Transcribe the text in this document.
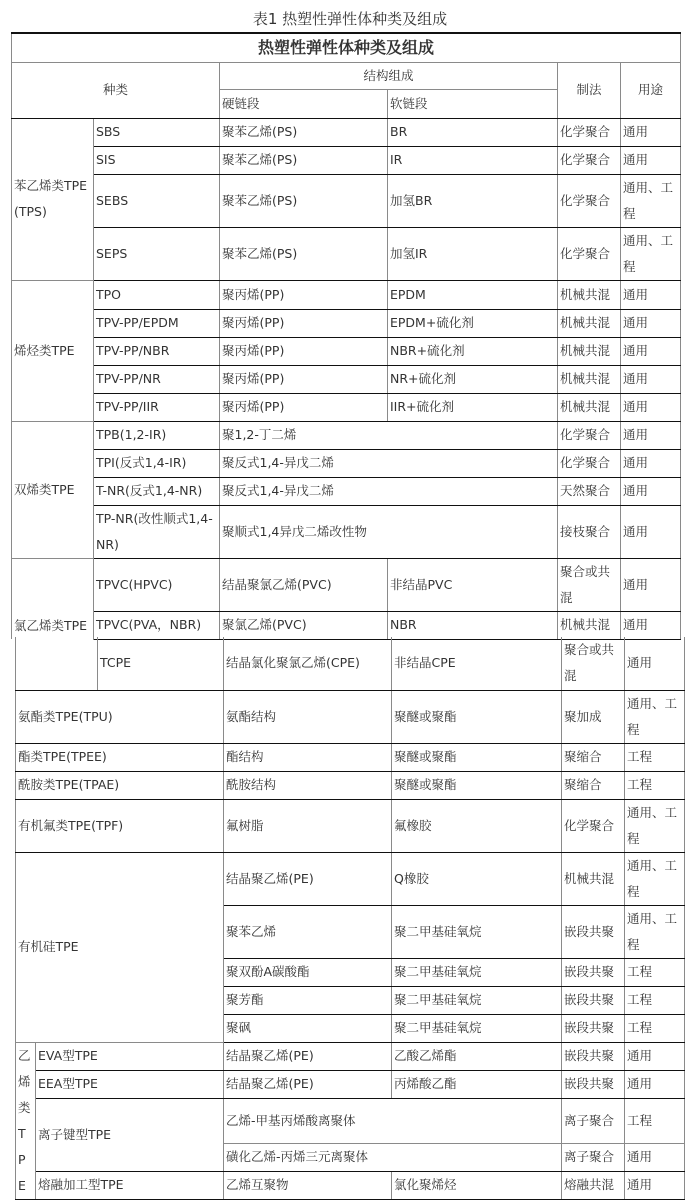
表1 热塑性弹性体种类及组成
热塑性弹性体种类及组成					
种类		结构组成		制法	用途
		硬链段	软链段		
苯乙烯类TPE(TPS)	SBS	聚苯乙烯(PS)	BR	化学聚合	通用
	SIS	聚苯乙烯(PS)	IR	化学聚合	通用
	SEBS	聚苯乙烯(PS)	加氢BR	化学聚合	通用、工程
	SEPS	聚苯乙烯(PS)	加氢IR	化学聚合	通用、工程
烯烃类TPE	TPO	聚丙烯(PP)	EPDM	机械共混	通用
	TPV-PP/EPDM	聚丙烯(PP)	EPDM+硫化剂	机械共混	通用
	TPV-PP/NBR	聚丙烯(PP)	NBR+硫化剂	机械共混	通用
	TPV-PP/NR	聚丙烯(PP)	NR+硫化剂	机械共混	通用
	TPV-PP/IIR	聚丙烯(PP)	IIR+硫化剂	机械共混	通用
双烯类TPE	TPB(1,2-IR)	聚1,2-丁二烯		化学聚合	通用
	TPI(反式1,4-IR)	聚反式1,4-异戊二烯		化学聚合	通用
	T-NR(反式1,4-NR)	聚反式1,4-异戊二烯		天然聚合	通用
	TP-NR(改性顺式1,4-NR)	聚顺式1,4异戊二烯改性物		接枝聚合	通用
氯乙烯类TPE	TPVC(HPVC)	结晶聚氯乙烯(PVC)	非结晶PVC	聚合或共混	通用
	TPVC(PVA，NBR)	聚氯乙烯(PVC)	NBR	机械共混	通用
		TCPE	结晶氯化聚氯乙烯(CPE)	非结晶CPE	聚合或共混	通用
氨酯类TPE(TPU)			氨酯结构	聚醚或聚酯	聚加成	通用、工程
酯类TPE(TPEE)			酯结构	聚醚或聚酯	聚缩合	工程
酰胺类TPE(TPAE)			酰胺结构	聚醚或聚酯	聚缩合	工程
有机氟类TPE(TPF)			氟树脂	氟橡胶	化学聚合	通用、工程
有机硅TPE			结晶聚乙烯(PE)	Q橡胶	机械共混	通用、工程
			聚苯乙烯	聚二甲基硅氧烷	嵌段共聚	通用、工程
			聚双酚A碳酸酯	聚二甲基硅氧烷	嵌段共聚	工程
			聚芳酯	聚二甲基硅氧烷	嵌段共聚	工程
			聚砜	聚二甲基硅氧烷	嵌段共聚	工程
乙烯类TPE	EVA型TPE		结晶聚乙烯(PE)	乙酸乙烯酯	嵌段共聚	通用
	EEA型TPE		结晶聚乙烯(PE)	丙烯酸乙酯	嵌段共聚	通用
	离子键型TPE		乙烯-甲基丙烯酸离聚体		离子聚合	工程
			磺化乙烯-丙烯三元离聚体		离子聚合	通用
	熔融加工型TPE		乙烯互聚物	氯化聚烯烃	熔融共混	通用
